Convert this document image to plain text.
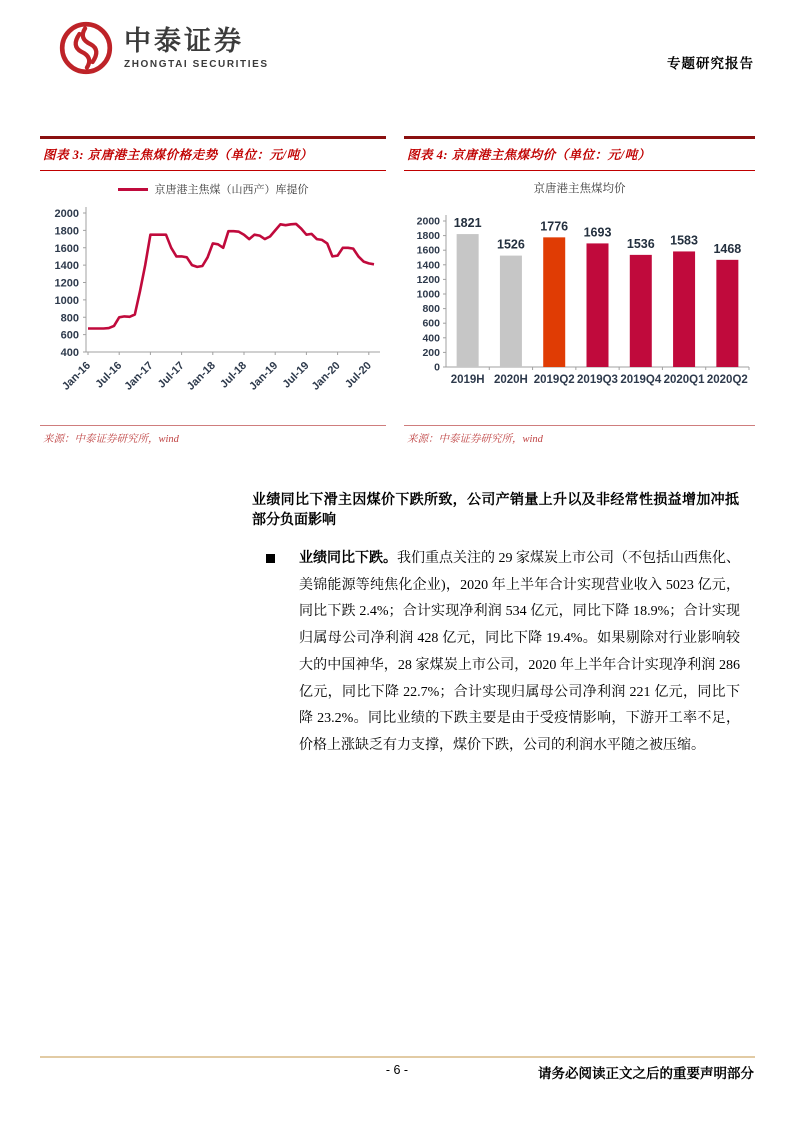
中泰证券
ZHONGTAI SECURITIES	专题研究报告
图表 3: 京唐港主焦煤价格走势（单位：元/吨）
京唐港主焦煤（山西产）库提价
400
600
800
1000
1200
1400
1600
1800
2000
Jan-16 Jul-16
Jan-17 Jul-17
Jan-18 Jul-18
Jan-19 Jul-19
Jan-20 Jul-20
来源：中泰证券研究所，wind
图表 4: 京唐港主焦煤均价（单位：元/吨）
京唐港主焦煤均价
0
200
400
600
800
1000
1200
1400
1600
1800
2000 1821
2019H
1526
2020H
1776
2019Q2
1693
2019Q3
1536
2019Q4
1583
2020Q1
1468
2020Q2
来源：中泰证券研究所，wind
业绩同比下滑主因煤价下跌所致，公司产销量上升以及非经常性损益增加冲抵部分负面影响
业绩同比下跌。我们重点关注的 29 家煤炭上市公司（不包括山西焦化、美锦能源等纯焦化企业)，2020 年上半年合计实现营业收入 5023 亿元，同比下跌 2.4%；合计实现净利润 534 亿元，同比下降 18.9%；合计实现归属母公司净利润 428 亿元，同比下降 19.4%。如果剔除对行业影响较大的中国神华，28 家煤炭上市公司，2020 年上半年合计实现净利润 286 亿元，同比下降 22.7%；合计实现归属母公司净利润 221 亿元，同比下降 23.2%。同比业绩的下跌主要是由于受疫情影响，下游开工率不足，价格上涨缺乏有力支撑，煤价下跌，公司的利润水平随之被压缩。
- 6 -	请务必阅读正文之后的重要声明部分
